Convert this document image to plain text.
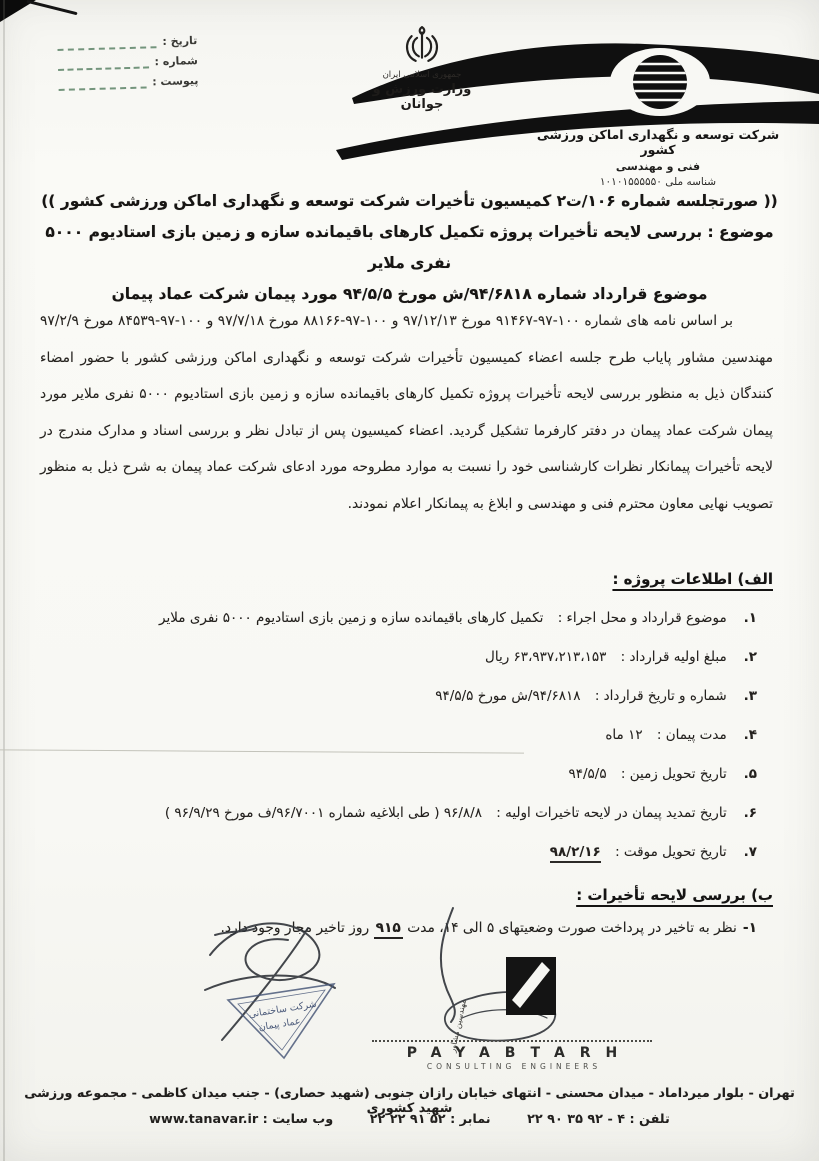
تاریخ :
شماره :
پیوست :	جمهوری اسلامی ایران
وزارت ورزش و جوانان
شرکت توسعه و نگهداری اماکن ورزشی کشور
فنی و مهندسی
شناسه ملی ۱۰۱۰۱۵۵۵۵۵۰
(( صورتجلسه شماره ۱۰۶/ت۲ کمیسیون تأخیرات شرکت توسعه و نگهداری اماکن ورزشی کشور ))
موضوع : بررسی لایحه تأخیرات پروژه تکمیل کارهای باقیمانده سازه و زمین بازی استادیوم ۵۰۰۰ نفری ملایر
موضوع قرارداد شماره ۹۴/۶۸۱۸/ش مورخ ۹۴/۵/۵ مورد پیمان شرکت عماد پیمان

بر اساس نامه های شماره ۱۰۰-۹۷-۹۱۴۶۷ مورخ ۹۷/۱۲/۱۳ و ۱۰۰-۹۷-۸۸۱۶۶ مورخ ۹۷/۷/۱۸ و ۱۰۰-۹۷-۸۴۵۳۹ مورخ ۹۷/۲/۹ مهندسین مشاور پایاب طرح جلسه اعضاء کمیسیون تأخیرات شرکت توسعه و نگهداری اماکن ورزشی کشور با حضور امضاء کنندگان ذیل به منظور بررسی لایحه تأخیرات پروژه تکمیل کارهای باقیمانده سازه و زمین بازی استادیوم ۵۰۰۰ نفری ملایر مورد پیمان شرکت عماد پیمان در دفتر کارفرما تشکیل گردید. اعضاء کمیسیون پس از تبادل نظر و بررسی اسناد و مدارک مندرج در لایحه تأخیرات پیمانکار نظرات کارشناسی خود را نسبت به موارد مطروحه مورد ادعای شرکت عماد پیمان به شرح ذیل به منظور تصویب نهایی معاون محترم فنی و مهندسی و ابلاغ به پیمانکار اعلام نمودند.

الف) اطلاعات پروژه :
۱. موضوع قرارداد و محل اجراء : تکمیل کارهای باقیمانده سازه و زمین بازی استادیوم ۵۰۰۰ نفری ملایر
۲. مبلغ اولیه قرارداد : ۶۳،۹۳۷،۲۱۳،۱۵۳ ریال
۳. شماره و تاریخ قرارداد : ۹۴/۶۸۱۸/ش مورخ ۹۴/۵/۵
۴. مدت پیمان : ۱۲ ماه
۵. تاریخ تحویل زمین : ۹۴/۵/۵
۶. تاریخ تمدید پیمان در لایحه تاخیرات اولیه : ۹۶/۸/۸ ( طی ابلاغیه شماره ۹۶/۷۰۰۱/ف مورخ ۹۶/۹/۲۹ )
۷. تاریخ تحویل موقت : ۹۸/۲/۱۶
ب) بررسی لایحه تأخیرات :
۱-نظر به تاخیر در پرداخت صورت وضعیتهای ۵ الی ۱۴، مدت ۹۱۵ روز تاخیر مجاز وجود دارد.
شرکت ساختمانی
عماد پیمان	مهندسین مشاور
PAYABTARH
CONSULTING ENGINEERS
تهران - بلوار میرداماد - میدان محسنی - انتهای خیابان رازان جنوبی (شهید حصاری) - جنب میدان کاظمی - مجموعه ورزشی شهید کشوری
تلفن : ۴ - ۹۲ ۳۵ ۹۰ ۲۲ نمابر : ۵۲ ۹۱ ۲۲ ۲۲ وب سایت : www.tanavar.ir
